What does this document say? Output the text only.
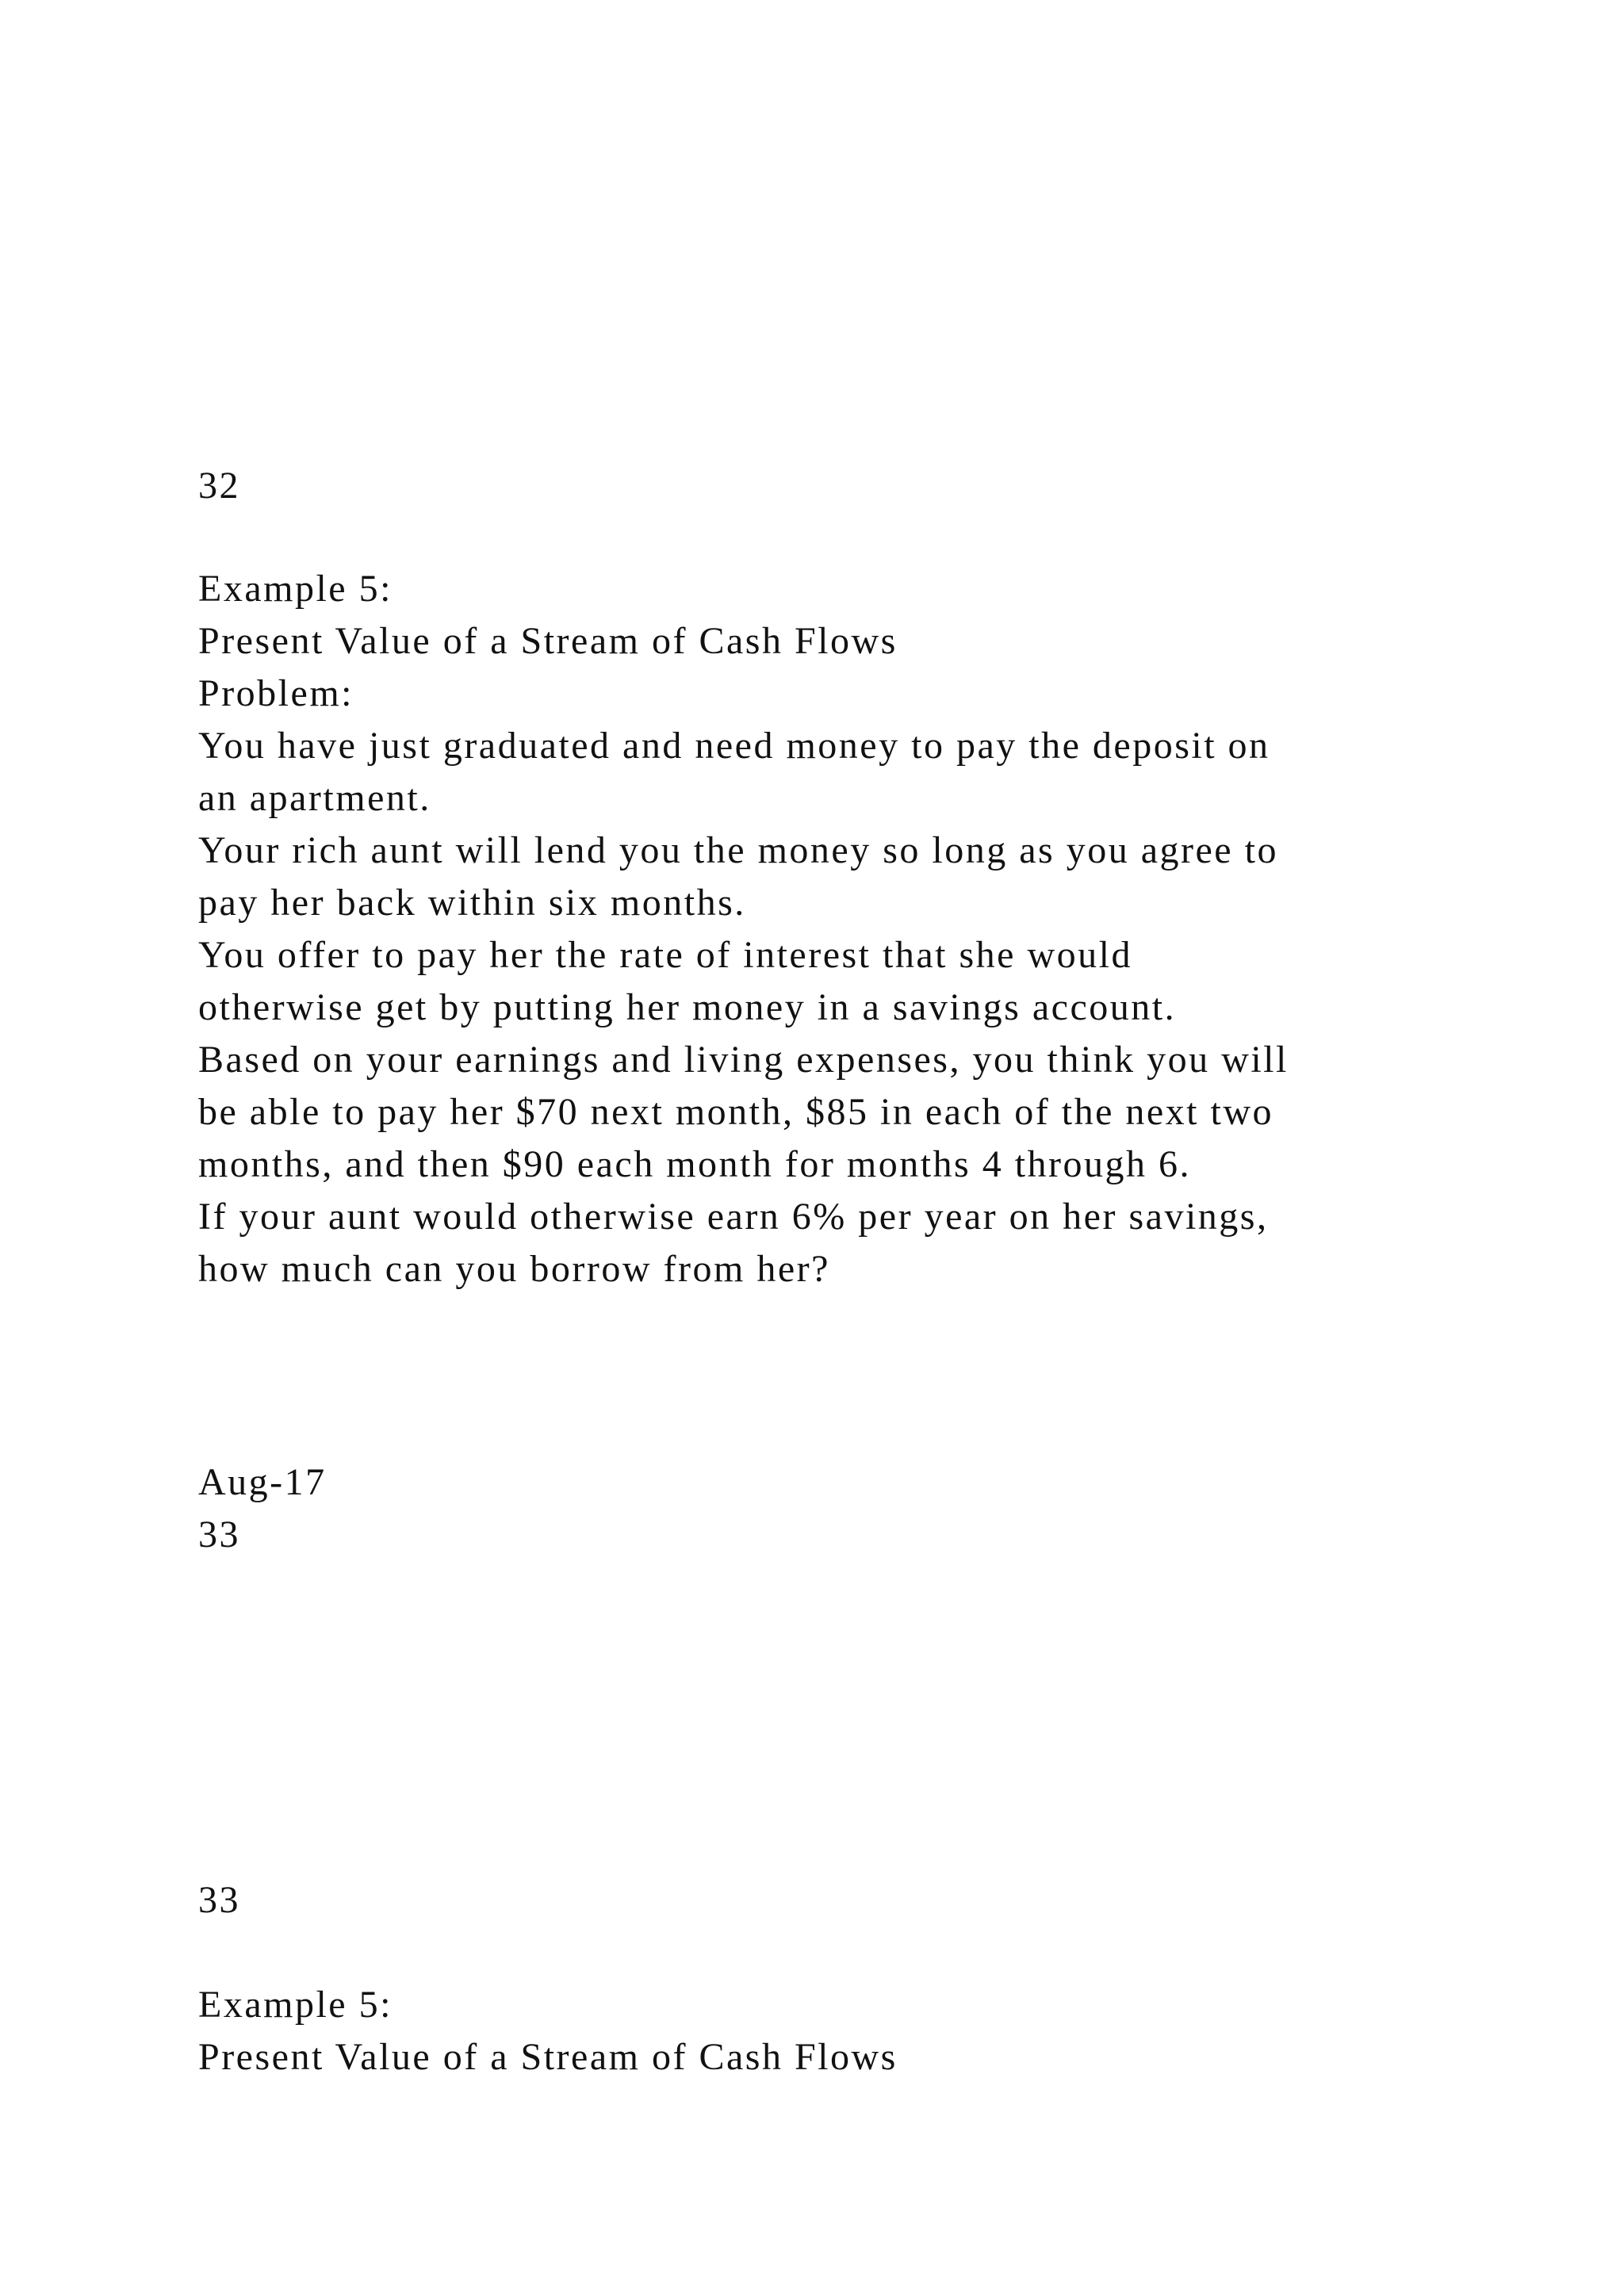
32
Example 5:
Present Value of a Stream of Cash Flows
Problem:
You have just graduated and need money to pay the deposit on
an apartment.
Your rich aunt will lend you the money so long as you agree to
pay her back within six months.
You offer to pay her the rate of interest that she would
otherwise get by putting her money in a savings account.
Based on your earnings and living expenses, you think you will
be able to pay her $70 next month, $85 in each of the next two
months, and then $90 each month for months 4 through 6.
If your aunt would otherwise earn 6% per year on her savings,
how much can you borrow from her?
Aug-17
33
33
Example 5:
Present Value of a Stream of Cash Flows
